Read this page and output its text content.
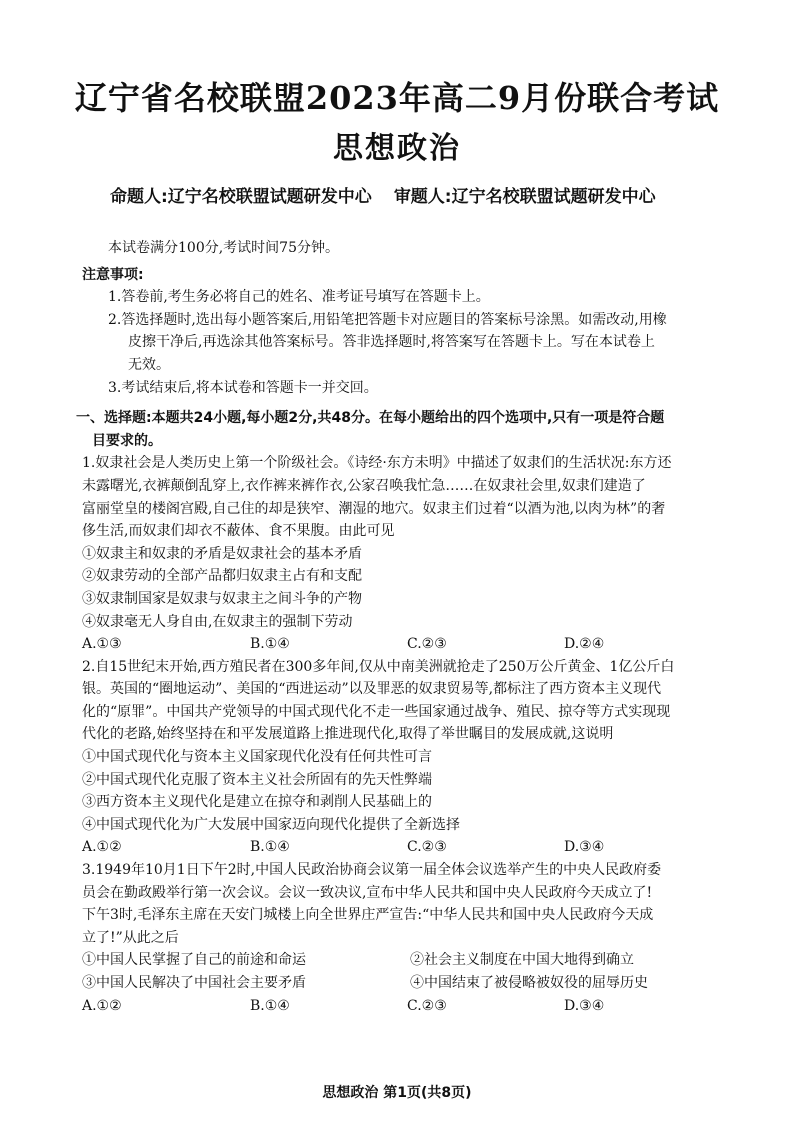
辽宁省名校联盟2023年高二9月份联合考试
思想政治
命题人:辽宁名校联盟试题研发中心 审题人:辽宁名校联盟试题研发中心

本试卷满分100分,考试时间75分钟。

注意事项:

1.答卷前,考生务必将自己的姓名、准考证号填写在答题卡上。
2.答选择题时,选出每小题答案后,用铅笔把答题卡对应题目的答案标号涂黑。如需改动,用橡
皮擦干净后,再选涂其他答案标号。答非选择题时,将答案写在答题卡上。写在本试卷上
无效。
3.考试结束后,将本试卷和答题卡一并交回。
一、选择题:本题共24小题,每小题2分,共48分。在每小题给出的四个选项中,只有一项是符合题
目要求的。
1.奴隶社会是人类历史上第一个阶级社会。《诗经·东方未明》中描述了奴隶们的生活状况:东方还
未露曙光,衣裤颠倒乱穿上,衣作裤来裤作衣,公家召唤我忙急……在奴隶社会里,奴隶们建造了
富丽堂皇的楼阁宫殿,自己住的却是狭窄、潮湿的地穴。奴隶主们过着“以酒为池,以肉为林”的奢
侈生活,而奴隶们却衣不蔽体、食不果腹。由此可见
①奴隶主和奴隶的矛盾是奴隶社会的基本矛盾
②奴隶劳动的全部产品都归奴隶主占有和支配
③奴隶制国家是奴隶与奴隶主之间斗争的产物
④奴隶毫无人身自由,在奴隶主的强制下劳动
A.①③	B.①④	C.②③	D.②④
2.自15世纪末开始,西方殖民者在300多年间,仅从中南美洲就抢走了250万公斤黄金、1亿公斤白
银。英国的“圈地运动”、美国的“西进运动”以及罪恶的奴隶贸易等,都标注了西方资本主义现代
化的“原罪”。中国共产党领导的中国式现代化不走一些国家通过战争、殖民、掠夺等方式实现现
代化的老路,始终坚持在和平发展道路上推进现代化,取得了举世瞩目的发展成就,这说明
①中国式现代化与资本主义国家现代化没有任何共性可言
②中国式现代化克服了资本主义社会所固有的先天性弊端
③西方资本主义现代化是建立在掠夺和剥削人民基础上的
④中国式现代化为广大发展中国家迈向现代化提供了全新选择
A.①②	B.①④	C.②③	D.③④
3.1949年10月1日下午2时,中国人民政治协商会议第一届全体会议选举产生的中央人民政府委
员会在勤政殿举行第一次会议。会议一致决议,宣布中华人民共和国中央人民政府今天成立了!
下午3时,毛泽东主席在天安门城楼上向全世界庄严宣告:“中华人民共和国中央人民政府今天成
立了!”从此之后
①中国人民掌握了自己的前途和命运	②社会主义制度在中国大地得到确立
③中国人民解决了中国社会主要矛盾	④中国结束了被侵略被奴役的屈辱历史
A.①②	B.①④	C.②③	D.③④
思想政治 第1页(共8页)
